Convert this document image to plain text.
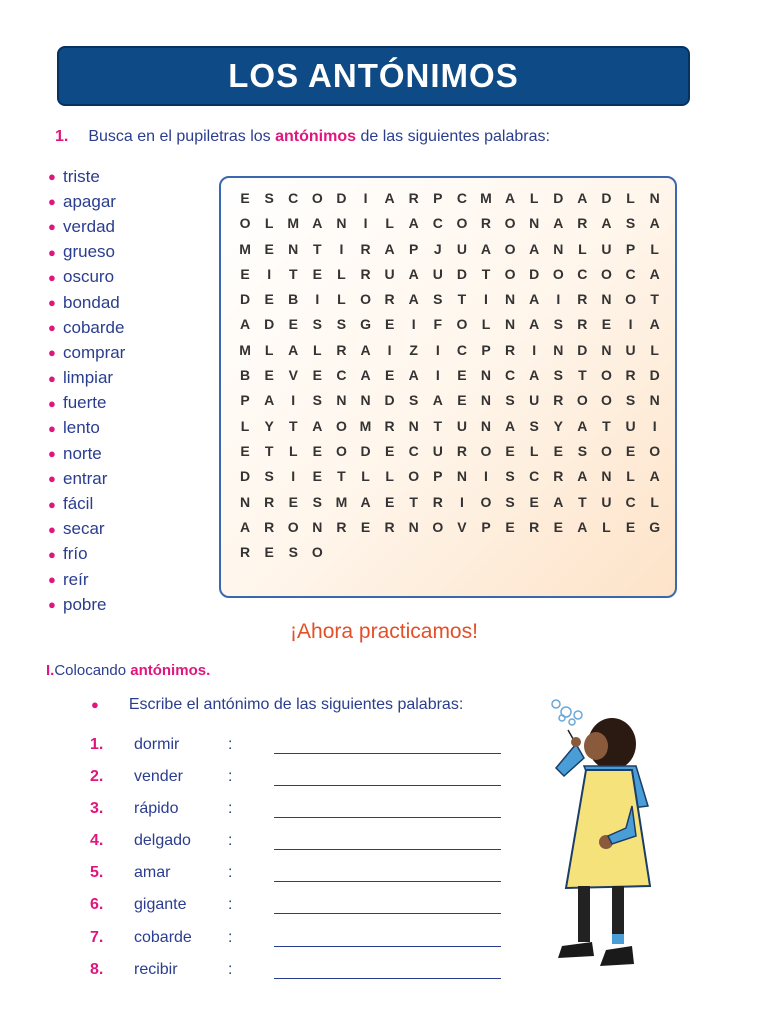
LOS ANTÓNIMOS
1. Busca en el pupiletras los antónimos de las siguientes palabras:
● triste
● apagar
● verdad
● grueso
● oscuro
● bondad
● cobarde
● comprar
● limpiar
● fuerte
● lento
● norte
● entrar
● fácil
● secar
● frío
● reír
● pobre
E	S	C O D	I	A R	P	C M A	L	D A D	L	N
O	L M A N	I	L	A C O R O N A R A	S	A
M E	N	T	I	R A	P	J	U A O A N	L	U	P	L
E	I	T	E	L	R U A U D	T	O D O C O C A
D	E	B	I	L	O R A	S	T	I	N A	I	R N O	T
A D	E	S	S G E	I	F	O	L	N A	S	R	E	I	A
M L	A	L	R A	I	Z	I	C	P	R	I	N D N U	L
B	E	V	E	C A	E	A	I	E	N C A	S	T	O R D
P	A	I	S	N N D	S	A	E	N	S	U R O O S	N
L	Y	T	A O M R N	T	U N A	S	Y	A	T	U	I
E	T	L	E O D	E	C U R O E	L	E	S O E O
D	S	I	E	T	L	L	O P	N	I	S	C R A N	L	A
N R	E	S M A	E	T	R	I	O S	E	A	T	U C	L
A R O N R	E	R N O V	P	E	R	E	A	L	E G
R	E	S O
¡Ahora practicamos!
I.Colocando antónimos.
● Escribe el antónimo de las siguientes palabras:
1. dormir	:
2. vender	:
3. rápido	:
4. delgado :
5. amar	:
6. gigante	:
7. cobarde :
8. recibir	:
